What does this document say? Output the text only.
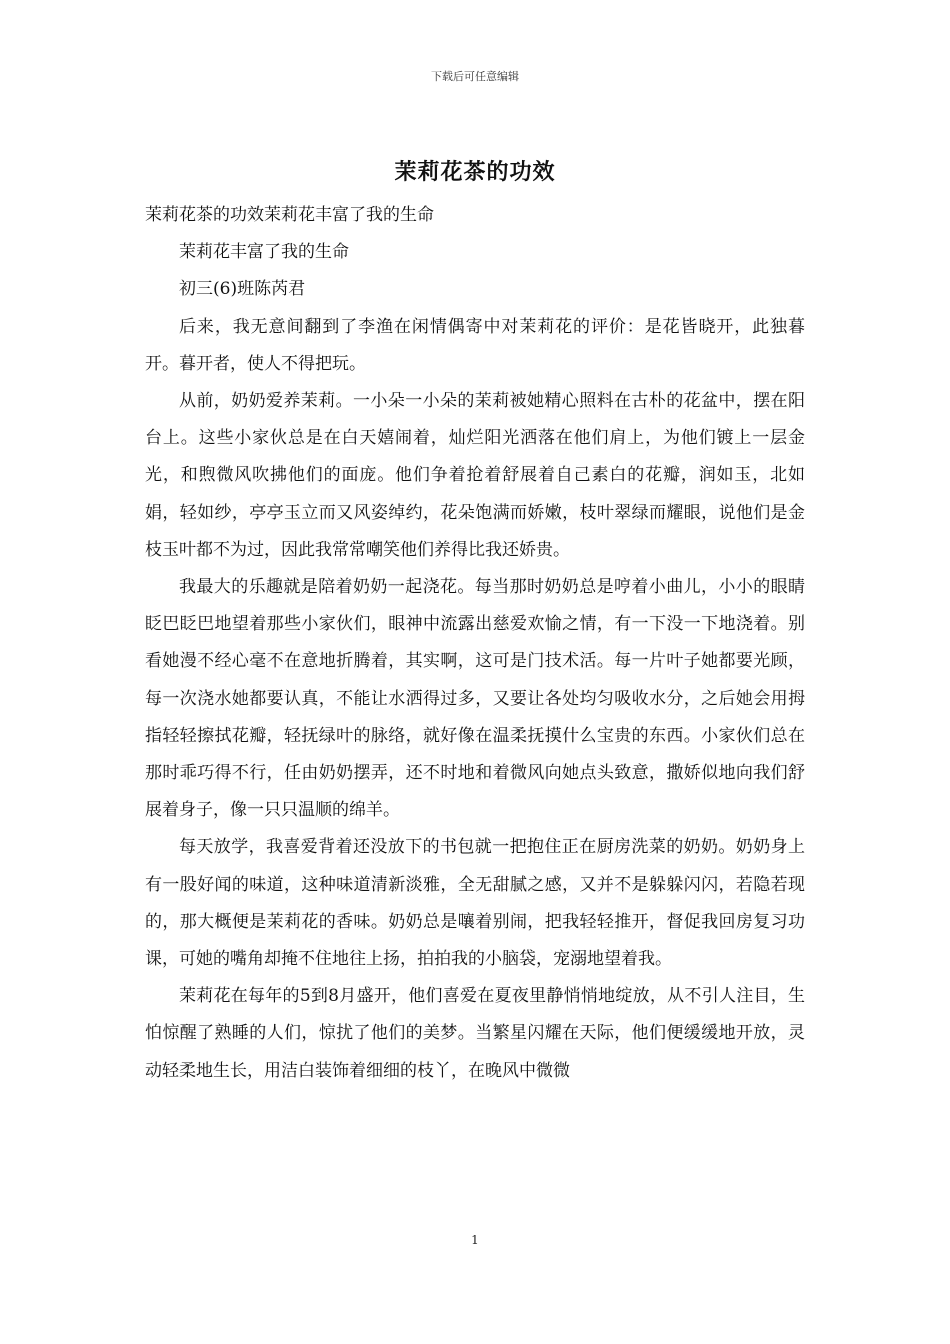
下载后可任意编辑
茉莉花茶的功效

茉莉花茶的功效茉莉花丰富了我的生命

茉莉花丰富了我的生命

初三(6)班陈芮君

后来，我无意间翻到了李渔在闲情偶寄中对茉莉花的评价：是花皆晓开，此独暮开。暮开者，使人不得把玩。

从前，奶奶爱养茉莉。一小朵一小朵的茉莉被她精心照料在古朴的花盆中，摆在阳台上。这些小家伙总是在白天嬉闹着，灿烂阳光洒落在他们肩上，为他们镀上一层金光，和煦微风吹拂他们的面庞。他们争着抢着舒展着自己素白的花瓣，润如玉，北如娟，轻如纱，亭亭玉立而又风姿绰约，花朵饱满而娇嫩，枝叶翠绿而耀眼，说他们是金枝玉叶都不为过，因此我常常嘲笑他们养得比我还娇贵。

我最大的乐趣就是陪着奶奶一起浇花。每当那时奶奶总是哼着小曲儿，小小的眼睛眨巴眨巴地望着那些小家伙们，眼神中流露出慈爱欢愉之情，有一下没一下地浇着。别看她漫不经心毫不在意地折腾着，其实啊，这可是门技术活。每一片叶子她都要光顾，每一次浇水她都要认真，不能让水洒得过多，又要让各处均匀吸收水分，之后她会用拇指轻轻擦拭花瓣，轻抚绿叶的脉络，就好像在温柔抚摸什么宝贵的东西。小家伙们总在那时乖巧得不行，任由奶奶摆弄，还不时地和着微风向她点头致意，撒娇似地向我们舒展着身子，像一只只温顺的绵羊。

每天放学，我喜爱背着还没放下的书包就一把抱住正在厨房洗菜的奶奶。奶奶身上有一股好闻的味道，这种味道清新淡雅，全无甜腻之感，又并不是躲躲闪闪，若隐若现的，那大概便是茉莉花的香味。奶奶总是嚷着别闹，把我轻轻推开，督促我回房复习功课，可她的嘴角却掩不住地往上扬，拍拍我的小脑袋，宠溺地望着我。

茉莉花在每年的5到8月盛开，他们喜爱在夏夜里静悄悄地绽放，从不引人注目，生怕惊醒了熟睡的人们，惊扰了他们的美梦。当繁星闪耀在天际，他们便缓缓地开放，灵动轻柔地生长，用洁白装饰着细细的枝丫，在晚风中微微

1
